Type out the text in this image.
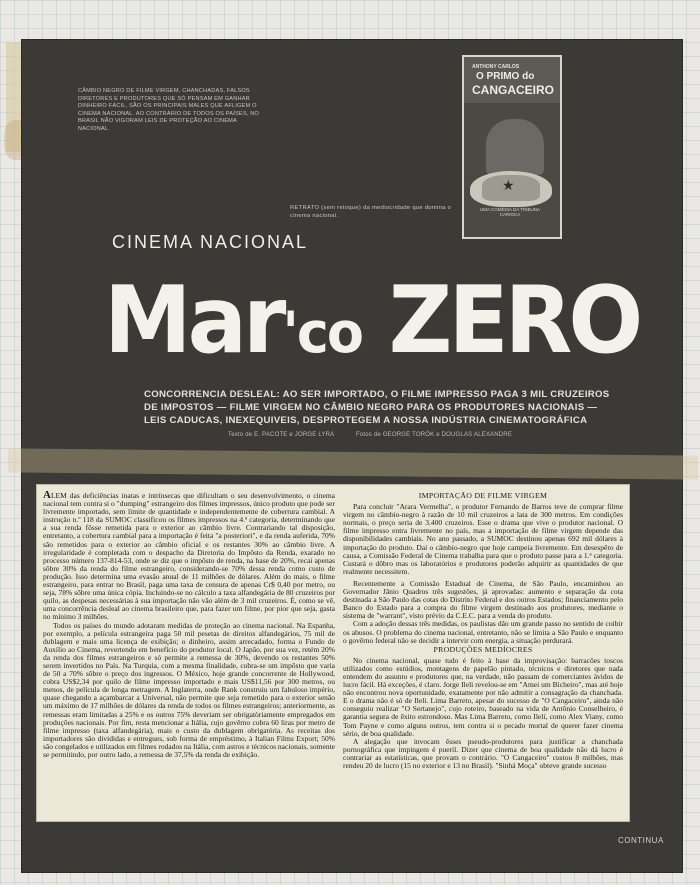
CÂMBIO NEGRO DE FILME VIRGEM, CHANCHADAS, FALSOS DIRETORES E PRODUTORES QUE SÓ PENSAM EM GANHAR DINHEIRO FÁCIL, SÃO OS PRINCIPAIS MALES QUE AFLIGEM O CINEMA NACIONAL. AO CONTRÁRIO DE TODOS OS PAÍSES, NO BRASIL NÃO VIGORAM LEIS DE PROTEÇÃO AO CINEMA NACIONAL.
ANTHONY CARLOS
O PRIMO do
CANGACEIRO
★
UMA COMÉDIA DA TRIBUNA CARIOCA
RETRATO (sem retoque) da mediocridade que domina o cinema nacional.
CINEMA NACIONAL
Mar'co ZERO
CONCORRENCIA DESLEAL: AO SER IMPORTADO, O FILME IMPRESSO PAGA 3 MIL CRUZEIROS DE IMPOSTOS — FILME VIRGEM NO CÂMBIO NEGRO PARA OS PRODUTORES NACIONAIS — LEIS CADUCAS, INEXEQUIVEIS, DESPROTEGEM A NOSSA INDÚSTRIA CINEMATOGRÁFICA
Texto de E. PACOTE e JORGE LYRA	Fotos de GEORGE TORÓK e DOUGLAS ALEXANDRE

ALEM das deficiências inatas e intrínsecas que dificultam o seu desenvolvimento, o cinema nacional tem contra si o "dumping" estrangeiro dos filmes impressos, único produto que pode ser livremente importado, sem limite de quantidade e independentemente de cobertura cambial. A instrução n.º 118 da SUMOC classificou os filmes impressos na 4.ª categoria, determinando que a sua renda fôsse remetida para o exterior ao câmbio livre. Contrariando tal disposição, entretanto, a cobertura cambial para a importação é feita "a posteriori", e da renda auferida, 70% são remetidos para o exterior ao câmbio oficial e os restantes 30% ao câmbio livre. A irregularidade é completada com o despacho da Diretoria do Impôsto da Renda, exarado no processo número 137-814-53, onde se diz que o impôsto de renda, na base de 20%, recai apenas sôbre 30% da renda do filme estrangeiro, considerando-se 70% dessa renda como custo de produção. Isso determina uma evasão anual de 11 milhões de dólares. Além do mais, o filme estrangeiro, para entrar no Brasil, paga uma taxa de censura de apenas Cr$ 0,40 por metro, ou seja, 78% sôbre uma única cópia. Incluindo-se no cálculo a taxa alfandegária de 80 cruzeiros por quilo, as despesas necessárias à sua importação não vão além de 3 mil cruzeiros. É, como se vê, uma concorrência desleal ao cinema brasileiro que, para fazer um filme, por pior que seja, gasta no mínimo 3 milhões.

Todos os países do mundo adotaram medidas de proteção ao cinema nacional. Na Espanha, por exemplo, a película estrangeira paga 50 mil pesetas de direitos alfandegários, 75 mil de dublagem e mais uma licença de exibição; o dinheiro, assim arrecadado, forma o Fundo de Auxílio ao Cinema, revertendo em benefício do produtor local. O Japão, por sua vez, retém 20% da renda dos filmes estrangeiros e só permite a remessa de 30%, devendo os restantes 50% serem invertidos no País. Na Turquia, com a mesma finalidade, cobra-se um impôsto que varia de 50 a 70% sôbre o preço dos ingressos. O México, hoje grande concorrente de Hollywood, cobra US$2,34 por quilo de filme impresso importado e mais US$11,56 por 300 metros, ou menos, de película de longa metragem. A Inglaterra, onde Rank construiu um fabuloso império, quase chegando a açambarcar a Universal, não permite que seja remetido para o exterior senão um máximo de 17 milhões de dólares da renda de todos os filmes estrangeiros; anteriormente, as remessas eram limitadas a 25% e os outros 75% deveriam ser obrigatòriamente empregados em produções nacionais. Por fim, resta mencionar a Itália, cujo govêrno cobra 60 liras por metro de filme impresso (taxa alfandegária), mais o custo da dublagem obrigatória. As receitas dos importadores são divididas e entregues, sob forma de empréstimo, à Italian Films Export; 50% são congelados e utilizados em filmes rodados na Itália, com astros e técnicos nacionais, somente se permitindo, por outro lado, a remessa de 37,5% da renda de exibição.

IMPORTAÇÃO DE FILME VIRGEM

Para concluir "Arara Vermelha", o produtor Fernando de Barros teve de comprar filme virgem no câmbio-negro à razão de 10 mil cruzeiros a lata de 300 metros. Em condições normais, o preço seria de 3.400 cruzeiros. Esse o drama que vive o produtor nacional. O filme impresso entra livremente no país, mas a importação de filme virgem depende das disponibilidades cambiais. No ano passado, a SUMOC destinou apenas 692 mil dólares à importação do produto. Daí o câmbio-negro que hoje campeia livremente. Em desespêro de causa, a Comissão Federal de Cinema trabalha para que o produto passe para a 1.ª categoria. Custará o dôbro mas os laboratórios e produtores poderão adquirir as quantidades de que realmente necessitem.

Recentemente a Comissão Estadual de Cinema, de São Paulo, encaminhou ao Governador Jânio Quadros três sugestões, já aprovadas: aumento e separação da cota destinada a São Paulo das cotas do Distrito Federal e dos outros Estados; financiamento pelo Banco do Estado para a compra do filme virgem destinado aos produtores, mediante o sistema de "warrant", visto prévio da C.E.C. para a venda do produto.

Com a adoção dessas três medidas, os paulistas dão um grande passo no sentido de coibir os abusos. O problema do cinema nacional, entretanto, não se limita a São Paulo e enquanto o govêrno federal não se decidir a intervir com energia, a situação perdurará.

PRODUÇÕES MEDÍOCRES

No cinema nacional, quase tudo é feito à base da improvisação: barracões toscos utilizados como estúdios, montagens de papelão pintado, técnicos e diretores que nada entendem do assunto e produtores que, na verdade, não passam de comerciantes ávidos de lucro fácil. Há exceções, é claro. Jorge Ileli revelou-se em "Amei um Bicheiro", mas até hoje não encontrou nova oportunidade, exatamente por não admitir a consagração da chanchada. E o drama não é só de Ileli. Lima Barreto, apesar do sucesso de "O Cangaceiro", ainda não conseguiu realizar "O Sertanejo", cujo roteiro, baseado na vida de Antônio Conselheiro, é garantia segura de êxito estrondoso. Mas Lima Barreto, como Ileli, como Alex Viany, como Tom Payne e como alguns outros, tem contra si o pecado mortal de querer fazer cinema sério, de boa qualidade.

A alegação que invocam êsses pseudo-produtores para justificar a chanchada pornográfica que impingem é pueril. Dizer que cinema de boa qualidade não dá lucro é contrariar as estatísticas, que provam o contrário. "O Cangaceiro" custou 8 milhões, mas rendeu 20 de lucro (15 no exterior e 13 no Brasil). "Sinhá Moça" obteve grande sucesso

CONTINUA
